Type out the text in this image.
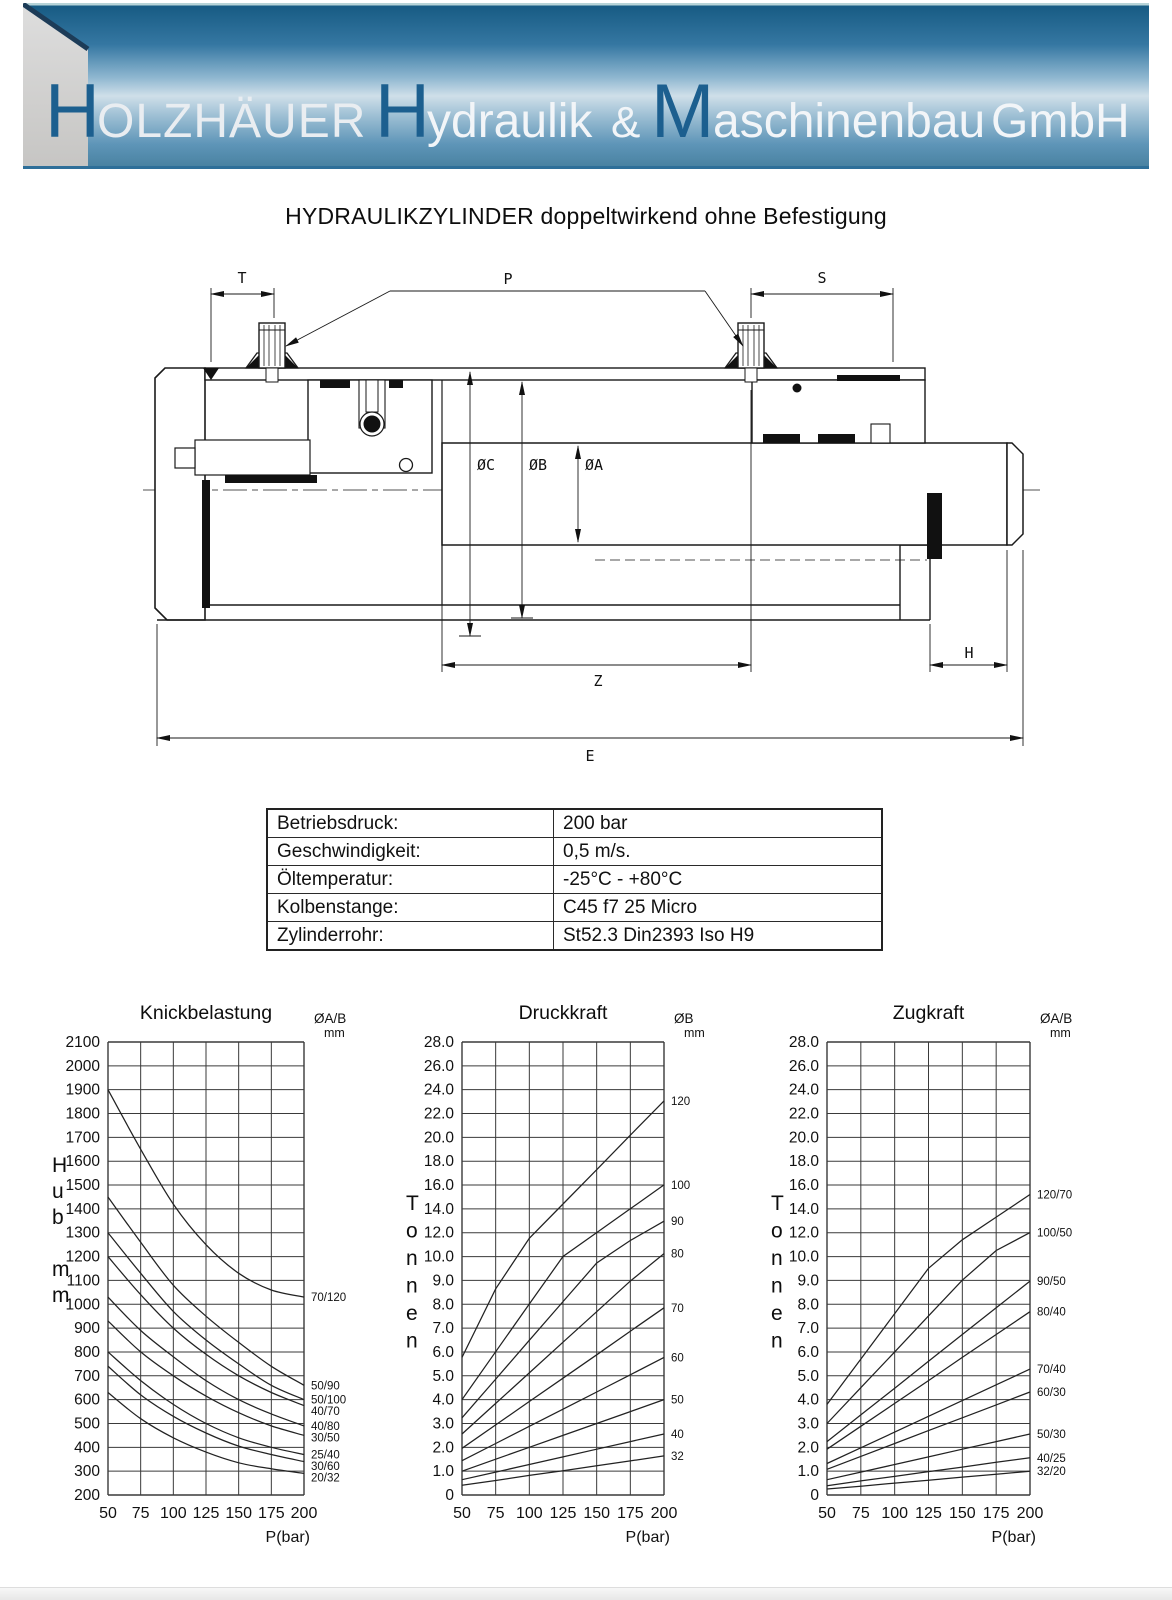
H
OLZHÄUER H
ydraulik & M
aschinenbau GmbH
HYDRAULIKZYLINDER doppeltwirkend ohne Befestigung
T	P	S
ØC ØB	ØA
Z
H
E
Betriebsdruck:	200 bar
Geschwindigkeit:	0,5 m/s.
Öltemperatur:	-25°C - +80°C
Kolbenstange:	C45 f7 25 Micro
Zylinderrohr:	St52.3 Din2393 Iso H9
200
300
400
500
600
700
800
900
1000
1100
1200
1300
1400
1500
1600
1700
1800
1900
2000
2100
50 75 100 125 150 175 200
Knickbelastung
P(bar)
ØA/B
mm
H
u
b
m
m	70/120
50/90
50/100
40/70
40/80
30/50
25/40
30/60
20/32
0
1.0
2.0
3.0
4.0
5.0
6.0
7.0
8.0
9.0
10.0
12.0
14.0
16.0
18.0
20.0
22.0
24.0
26.0
28.0
50 75 100 125 150 175 200
Druckkraft
P(bar)
ØB
mm
T
o
n
n
e
n
120
100
90
80
70
60
50
40
32
0
1.0
2.0
3.0
4.0
5.0
6.0
7.0
8.0
9.0
10.0
12.0
14.0
16.0
18.0
20.0
22.0
24.0
26.0
28.0
50 75 100 125 150 175 200
Zugkraft
P(bar)
ØA/B
mm
T
o
n
n
e
n
120/70
100/50
90/50
80/40
70/40
60/30
50/30
40/25
32/20
